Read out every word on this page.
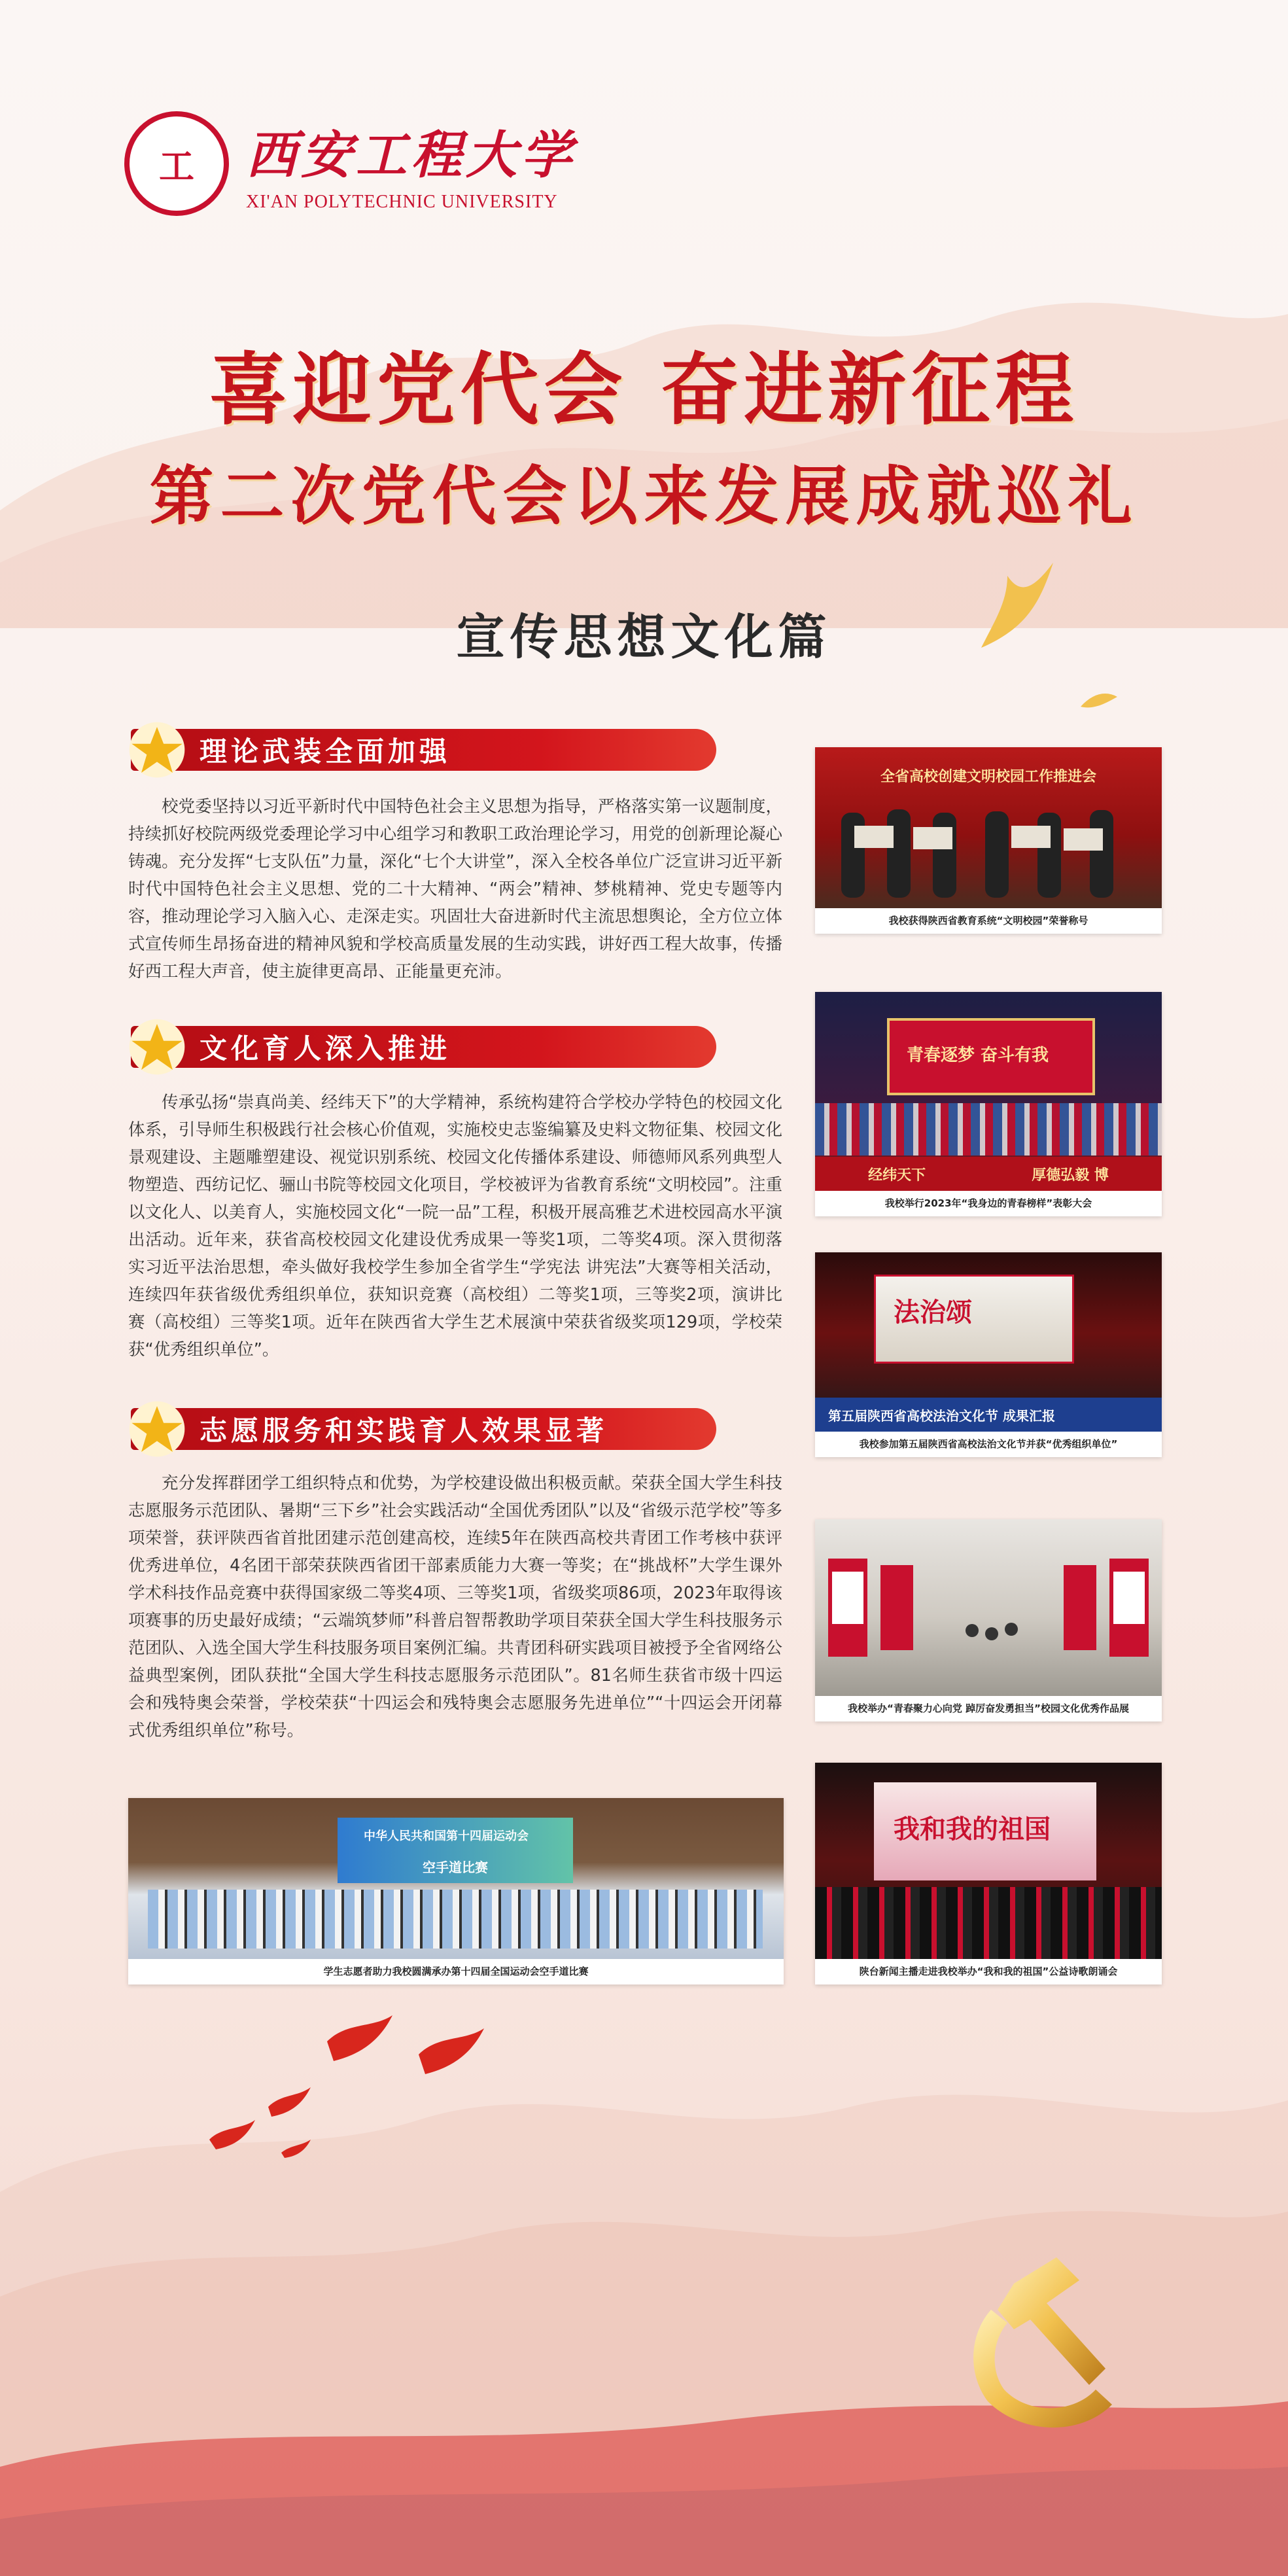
工 西安工程大学
XI'AN POLYTECHNIC UNIVERSITY
喜迎党代会 奋进新征程
第二次党代会以来发展成就巡礼
宣传思想文化篇
理论武装全面加强

校党委坚持以习近平新时代中国特色社会主义思想为指导，严格落实第一议题制度，持续抓好校院两级党委理论学习中心组学习和教职工政治理论学习，用党的创新理论凝心铸魂。充分发挥“七支队伍”力量，深化“七个大讲堂”，深入全校各单位广泛宣讲习近平新时代中国特色社会主义思想、党的二十大精神、“两会”精神、梦桃精神、党史专题等内容，推动理论学习入脑入心、走深走实。巩固壮大奋进新时代主流思想舆论，全方位立体式宣传师生昂扬奋进的精神风貌和学校高质量发展的生动实践，讲好西工程大故事，传播好西工程大声音，使主旋律更高昂、正能量更充沛。

文化育人深入推进

传承弘扬“崇真尚美、经纬天下”的大学精神，系统构建符合学校办学特色的校园文化体系，引导师生积极践行社会核心价值观，实施校史志鉴编纂及史料文物征集、校园文化景观建设、主题雕塑建设、视觉识别系统、校园文化传播体系建设、师德师风系列典型人物塑造、西纺记忆、骊山书院等校园文化项目，学校被评为省教育系统“文明校园”。注重以文化人、以美育人，实施校园文化“一院一品”工程，积极开展高雅艺术进校园高水平演出活动。近年来，获省高校校园文化建设优秀成果一等奖1项，二等奖4项。深入贯彻落实习近平法治思想，牵头做好我校学生参加全省学生“学宪法 讲宪法”大赛等相关活动，连续四年获省级优秀组织单位，获知识竞赛（高校组）二等奖1项，三等奖2项，演讲比赛（高校组）三等奖1项。近年在陕西省大学生艺术展演中荣获省级奖项129项，学校荣获“优秀组织单位”。

志愿服务和实践育人效果显著

充分发挥群团学工组织特点和优势，为学校建设做出积极贡献。荣获全国大学生科技志愿服务示范团队、暑期“三下乡”社会实践活动“全国优秀团队”以及“省级示范学校”等多项荣誉，获评陕西省首批团建示范创建高校，连续5年在陕西高校共青团工作考核中获评优秀进单位，4名团干部荣获陕西省团干部素质能力大赛一等奖；在“挑战杯”大学生课外学术科技作品竞赛中获得国家级二等奖4项、三等奖1项，省级奖项86项，2023年取得该项赛事的历史最好成绩；“云端筑梦师”科普启智帮教助学项目荣获全国大学生科技服务示范团队、入选全国大学生科技服务项目案例汇编。共青团科研实践项目被授予全省网络公益典型案例，团队获批“全国大学生科技志愿服务示范团队”。81名师生获省市级十四运会和残特奥会荣誉，学校荣获“十四运会和残特奥会志愿服务先进单位”“十四运会开闭幕式优秀组织单位”称号。

全省高校创建文明校园工作推进会
我校获得陕西省教育系统“文明校园”荣誉称号
青春逐梦 奋斗有我
经纬天下	厚德弘毅 博
我校举行2023年“我身边的青春榜样”表彰大会
法治颂
第五届陕西省高校法治文化节 成果汇报
我校参加第五届陕西省高校法治文化节并获“优秀组织单位”
我校举办“青春聚力心向党 踔厉奋发勇担当”校园文化优秀作品展
我和我的祖国
陕台新闻主播走进我校举办“我和我的祖国”公益诗歌朗诵会
中华人民共和国第十四届运动会
空手道比赛
学生志愿者助力我校圆满承办第十四届全国运动会空手道比赛
